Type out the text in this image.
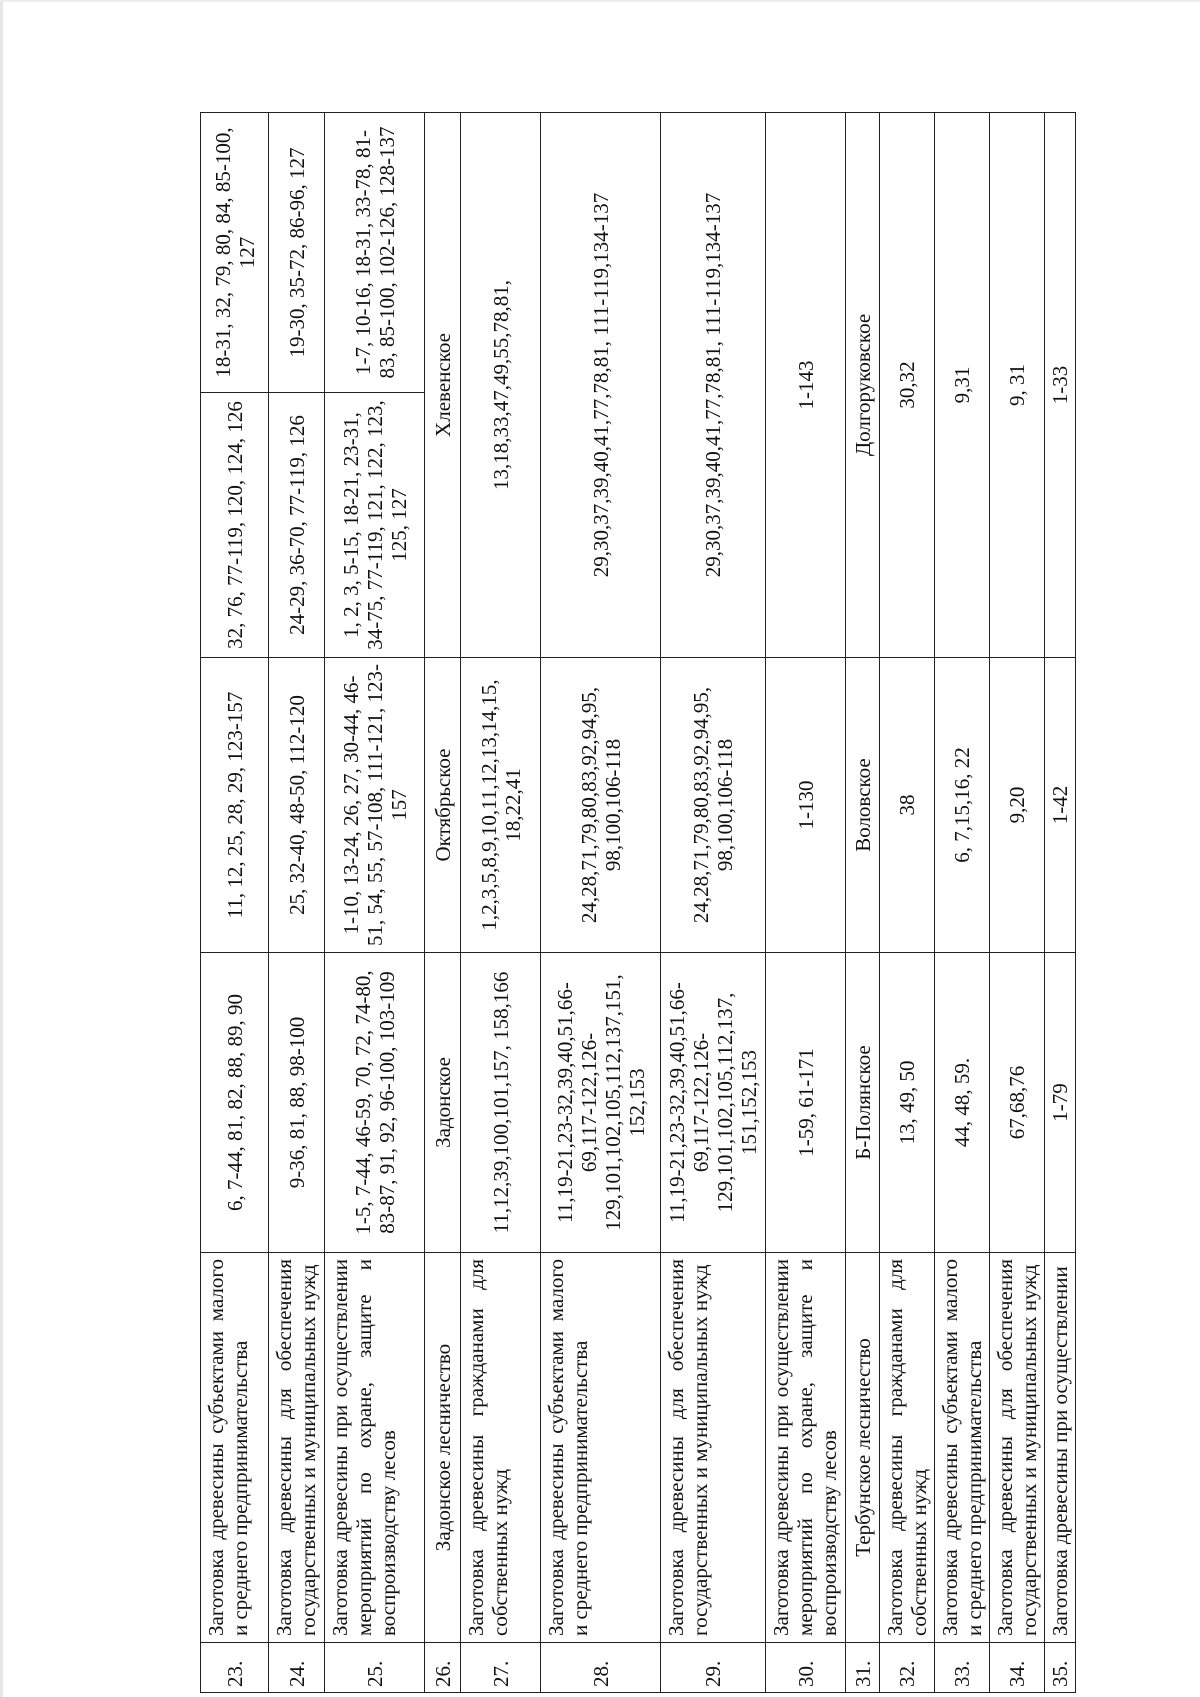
23.	Заготовка древесины субъектами малого и среднего предпринимательства	6, 7-44, 81, 82, 88, 89, 90	11, 12, 25, 28, 29, 123-157	32, 76, 77-119, 120, 124, 126	18-31, 32, 79, 80, 84, 85-100, 127
24.	Заготовка древесины для обеспечения государственных и муниципальных нужд	9-36, 81, 88, 98-100	25, 32-40, 48-50, 112-120	24-29, 36-70, 77-119, 126	19-30, 35-72, 86-96, 127
25.	Заготовка древесины при осуществлении мероприятий по охране, защите и воспроизводству лесов	1-5, 7-44, 46-59, 70, 72, 74-80, 83-87, 91, 92, 96-100, 103-109	1-10, 13-24, 26, 27, 30-44, 46-51, 54, 55, 57-108, 111-121, 123-157	1, 2, 3, 5-15, 18-21, 23-31, 34-75, 77-119, 121, 122, 123, 125, 127	1-7, 10-16, 18-31, 33-78, 81-83, 85-100, 102-126, 128-137
26.	Задонское лесничество	Задонское	Октябрьское	Хлевенское	
27.	Заготовка древесины гражданами для собственных нужд	11,12,39,100,101,157, 158,166	1,2,3,5,8,9,10,11,12,13,14,15, 18,22,41	13,18,33,47,49,55,78,81,	
28.	Заготовка древесины субъектами малого и среднего предпринимательства	11,19-21,23-32,39,40,51,66-69,117-122,126-129,101,102,105,112,137,151, 152,153	24,28,71,79,80,83,92,94,95, 98,100,106-118	29,30,37,39,40,41,77,78,81, 111-119,134-137	
29.	Заготовка древесины для обеспечения государственных и муниципальных нужд	11,19-21,23-32,39,40,51,66-69,117-122,126-129,101,102,105,112,137, 151,152,153	24,28,71,79,80,83,92,94,95, 98,100,106-118	29,30,37,39,40,41,77,78,81, 111-119,134-137	
30.	Заготовка древесины при осуществлении мероприятий по охране, защите и воспроизводству лесов	1-59, 61-171	1-130	1-143	
31.	Тербунское лесничество	Б-Полянское	Воловское	Долгоруковское	
32.	Заготовка древесины гражданами для собственных нужд	13, 49, 50	38	30,32	
33.	Заготовка древесины субъектами малого и среднего предпринимательства	44, 48, 59.	6, 7,15,16, 22	9,31	
34.	Заготовка древесины для обеспечения государственных и муниципальных нужд	67,68,76	9,20	9, 31	
35.	Заготовка древесины при осуществлении	1-79	1-42	1-33	
